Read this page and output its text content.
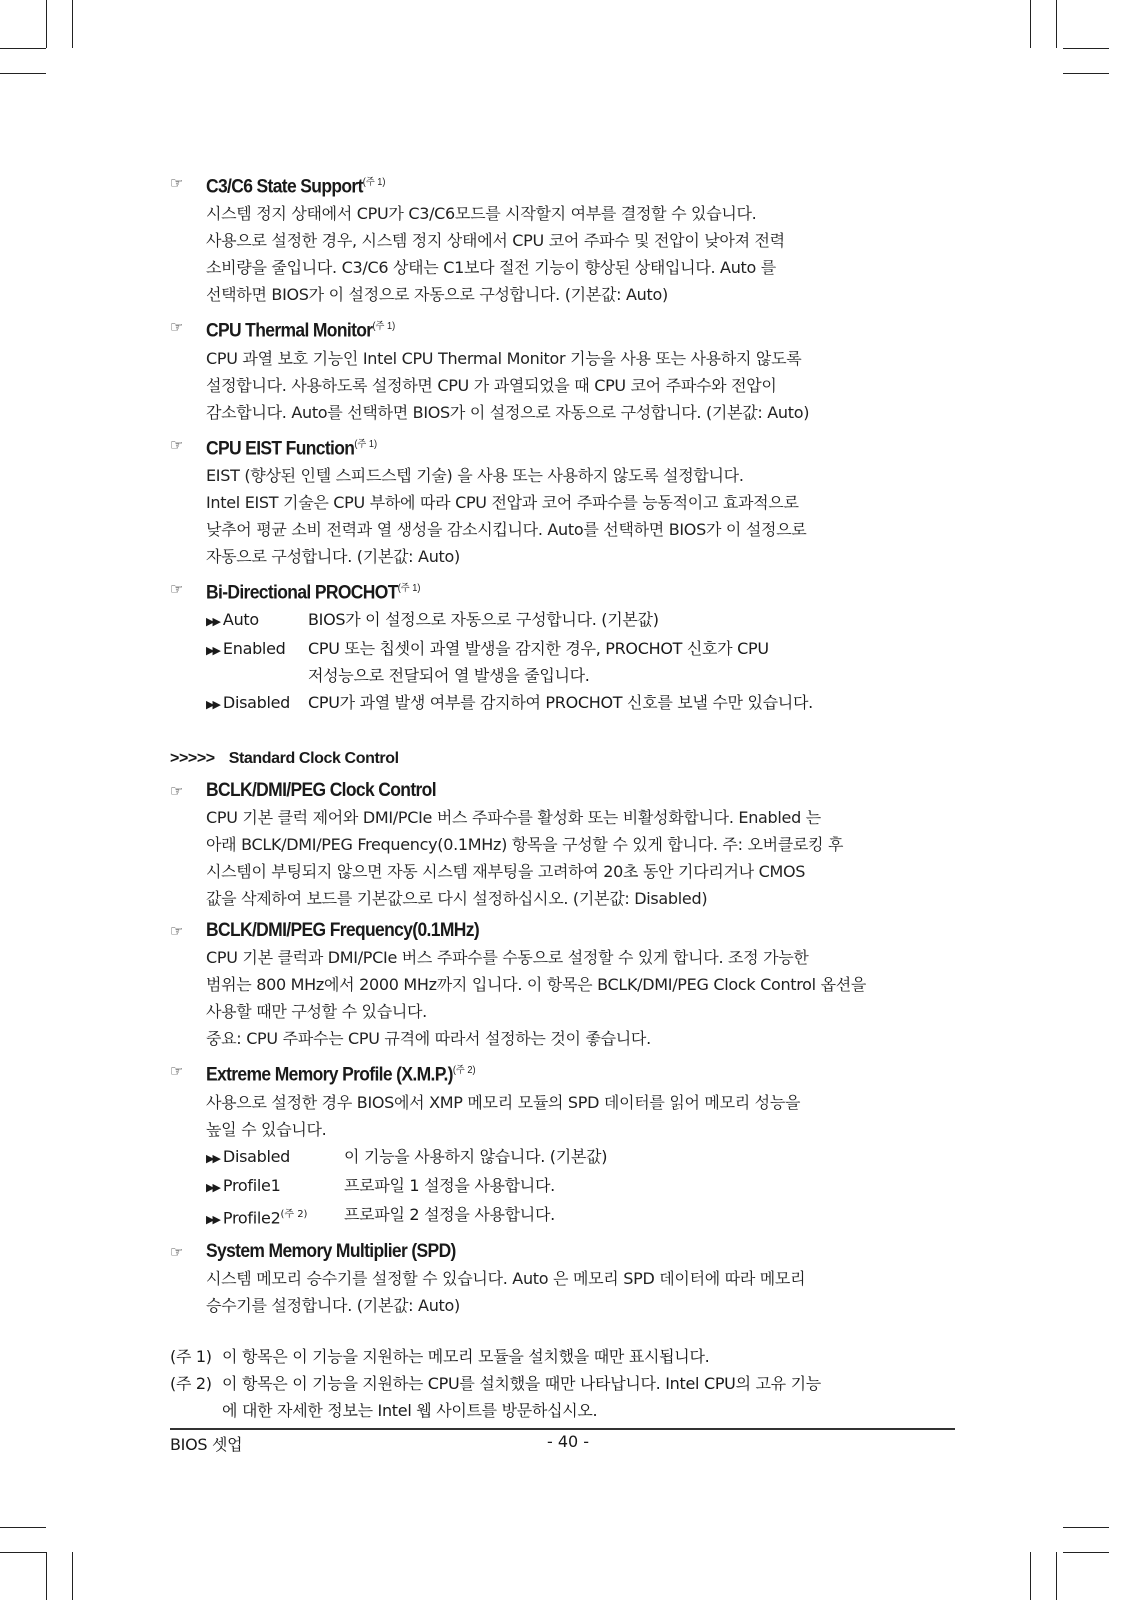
☞	C3/C6 State Support$^{(주 1)}$
시스템 정지 상태에서 CPU가 C3/C6모드를 시작할지 여부를 결정할 수 있습니다.
사용으로 설정한 경우, 시스템 정지 상태에서 CPU 코어 주파수 및 전압이 낮아져 전력
소비량을 줄입니다. C3/C6 상태는 C1보다 절전 기능이 향상된 상태입니다. Auto 를
선택하면 BIOS가 이 설정으로 자동으로 구성합니다. (기본값: Auto)
☞	CPU Thermal Monitor$^{(주 1)}$
CPU 과열 보호 기능인 Intel CPU Thermal Monitor 기능을 사용 또는 사용하지 않도록
설정합니다. 사용하도록 설정하면 CPU 가 과열되었을 때 CPU 코어 주파수와 전압이
감소합니다. Auto를 선택하면 BIOS가 이 설정으로 자동으로 구성합니다. (기본값: Auto)
☞	CPU EIST Function$^{(주 1)}$
EIST (향상된 인텔 스피드스텝 기술) 을 사용 또는 사용하지 않도록 설정합니다.
Intel EIST 기술은 CPU 부하에 따라 CPU 전압과 코어 주파수를 능동적이고 효과적으로
낮추어 평균 소비 전력과 열 생성을 감소시킵니다. Auto를 선택하면 BIOS가 이 설정으로
자동으로 구성합니다. (기본값: Auto)
☞	Bi-Directional PROCHOT$^{(주 1)}$
▶▶ Auto	BIOS가 이 설정으로 자동으로 구성합니다. (기본값)
▶▶ Enabled	CPU 또는 칩셋이 과열 발생을 감지한 경우, PROCHOT 신호가 CPU
저성능으로 전달되어 열 발생을 줄입니다.
▶▶ Disabled	CPU가 과열 발생 여부를 감지하여 PROCHOT 신호를 보낼 수만 있습니다.
>>>>> Standard Clock Control
☞	BCLK/DMI/PEG Clock Control
CPU 기본 클럭 제어와 DMI/PCIe 버스 주파수를 활성화 또는 비활성화합니다. Enabled 는
아래 BCLK/DMI/PEG Frequency(0.1MHz) 항목을 구성할 수 있게 합니다. 주: 오버클로킹 후
시스템이 부팅되지 않으면 자동 시스템 재부팅을 고려하여 20초 동안 기다리거나 CMOS
값을 삭제하여 보드를 기본값으로 다시 설정하십시오. (기본값: Disabled)
☞	BCLK/DMI/PEG Frequency(0.1MHz)
CPU 기본 클럭과 DMI/PCIe 버스 주파수를 수동으로 설정할 수 있게 합니다. 조정 가능한
범위는 800 MHz에서 2000 MHz까지 입니다. 이 항목은 BCLK/DMI/PEG Clock Control 옵션을
사용할 때만 구성할 수 있습니다.
중요: CPU 주파수는 CPU 규격에 따라서 설정하는 것이 좋습니다.
☞	Extreme Memory Profile (X.M.P.)$^{(주 2)}$
사용으로 설정한 경우 BIOS에서 XMP 메모리 모듈의 SPD 데이터를 읽어 메모리 성능을
높일 수 있습니다.
▶▶ Disabled	이 기능을 사용하지 않습니다. (기본값)
▶▶ Profile1	프로파일 1 설정을 사용합니다.
▶▶ Profile2$^{(주 2)}$	프로파일 2 설정을 사용합니다.
☞	System Memory Multiplier (SPD)
시스템 메모리 승수기를 설정할 수 있습니다. Auto 은 메모리 SPD 데이터에 따라 메모리
승수기를 설정합니다. (기본값: Auto)
(주 1) 이 항목은 이 기능을 지원하는 메모리 모듈을 설치했을 때만 표시됩니다.
(주 2) 이 항목은 이 기능을 지원하는 CPU를 설치했을 때만 나타납니다. Intel CPU의 고유 기능
에 대한 자세한 정보는 Intel 웹 사이트를 방문하십시오.
BIOS 셋업	- 40 -
